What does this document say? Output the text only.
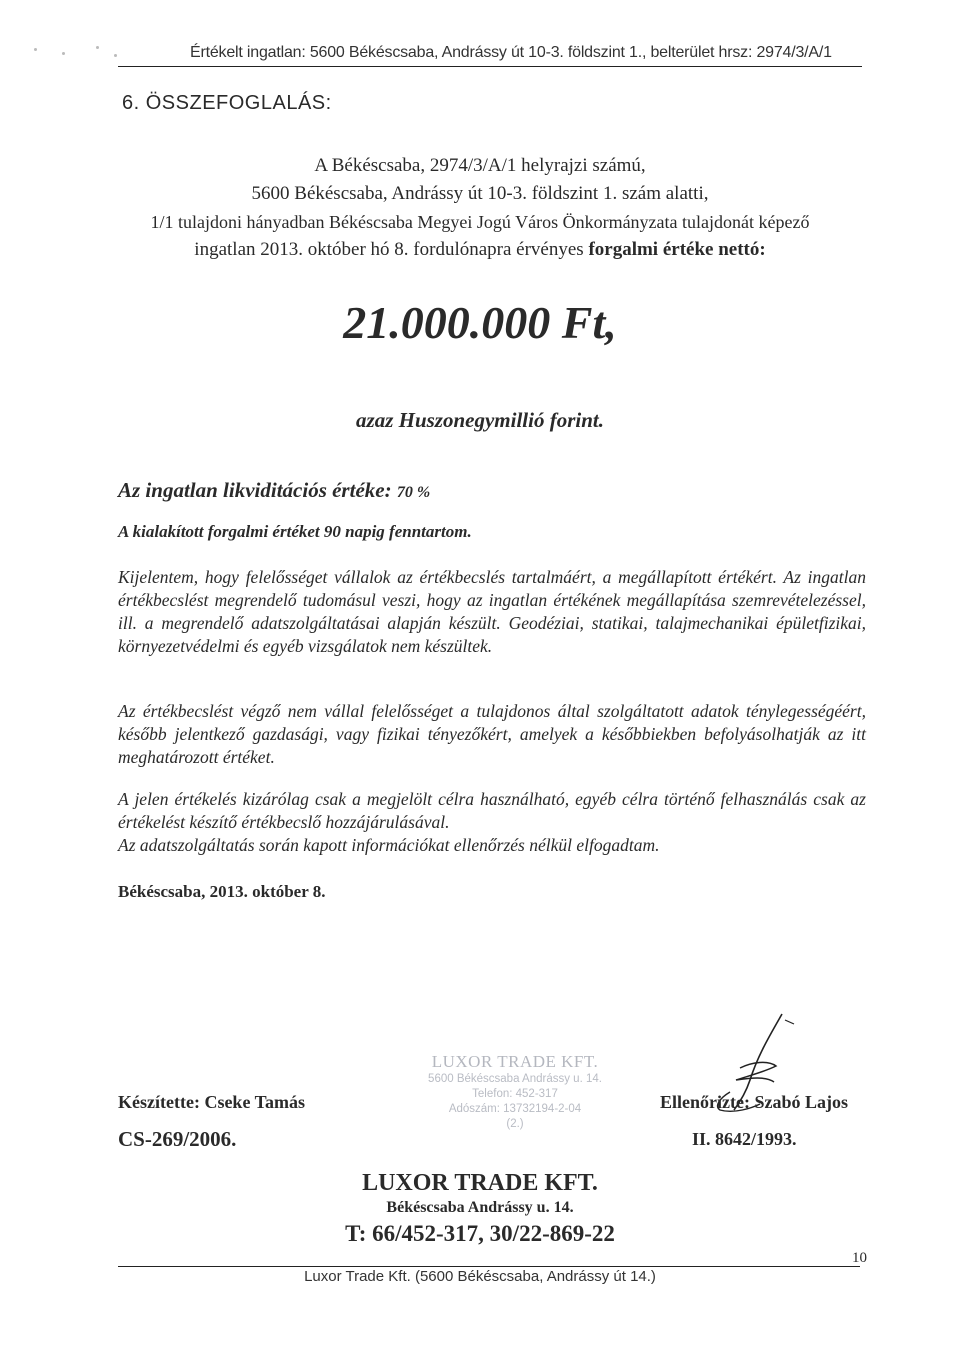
Értékelt ingatlan: 5600 Békéscsaba, Andrássy út 10-3. földszint 1., belterület hrsz: 2974/3/A/1
6. ÖSSZEFOGLALÁS:
A Békéscsaba, 2974/3/A/1 helyrajzi számú,
5600 Békéscsaba, Andrássy út 10-3. földszint 1. szám alatti,
1/1 tulajdoni hányadban Békéscsaba Megyei Jogú Város Önkormányzata tulajdonát képező
ingatlan 2013. október hó 8. fordulónapra érvényes forgalmi értéke nettó:
21.000.000 Ft,
azaz Huszonegymillió forint.
Az ingatlan likviditációs értéke: 70 %
A kialakított forgalmi értéket 90 napig fenntartom.
Kijelentem, hogy felelősséget vállalok az értékbecslés tartalmáért, a megállapított értékért. Az ingatlan értékbecslést megrendelő tudomásul veszi, hogy az ingatlan értékének megállapítása szemrevételezéssel, ill. a megrendelő adatszolgáltatásai alapján készült. Geodéziai, statikai, talajmechanikai épületfizikai, környezetvédelmi és egyéb vizsgálatok nem készültek.
Az értékbecslést végző nem vállal felelősséget a tulajdonos által szolgáltatott adatok ténylegességéért, később jelentkező gazdasági, vagy fizikai tényezőkért, amelyek a későbbiekben befolyásolhatják az itt meghatározott értéket.
A jelen értékelés kizárólag csak a megjelölt célra használható, egyéb célra történő felhasználás csak az értékelést készítő értékbecslő hozzájárulásával.
Az adatszolgáltatás során kapott információkat ellenőrzés nélkül elfogadtam.
Békéscsaba, 2013. október 8.
LUXOR TRADE KFT.
5600 Békéscsaba Andrássy u. 14.
Telefon: 452-317
Adószám: 13732194-2-04
(2.)
Készítette: Cseke Tamás
CS-269/2006.
Ellenőrizte: Szabó Lajos
II. 8642/1993.
LUXOR TRADE KFT.
Békéscsaba Andrássy u. 14.
T: 66/452-317, 30/22-869-22
10
Luxor Trade Kft. (5600 Békéscsaba, Andrássy út 14.)
